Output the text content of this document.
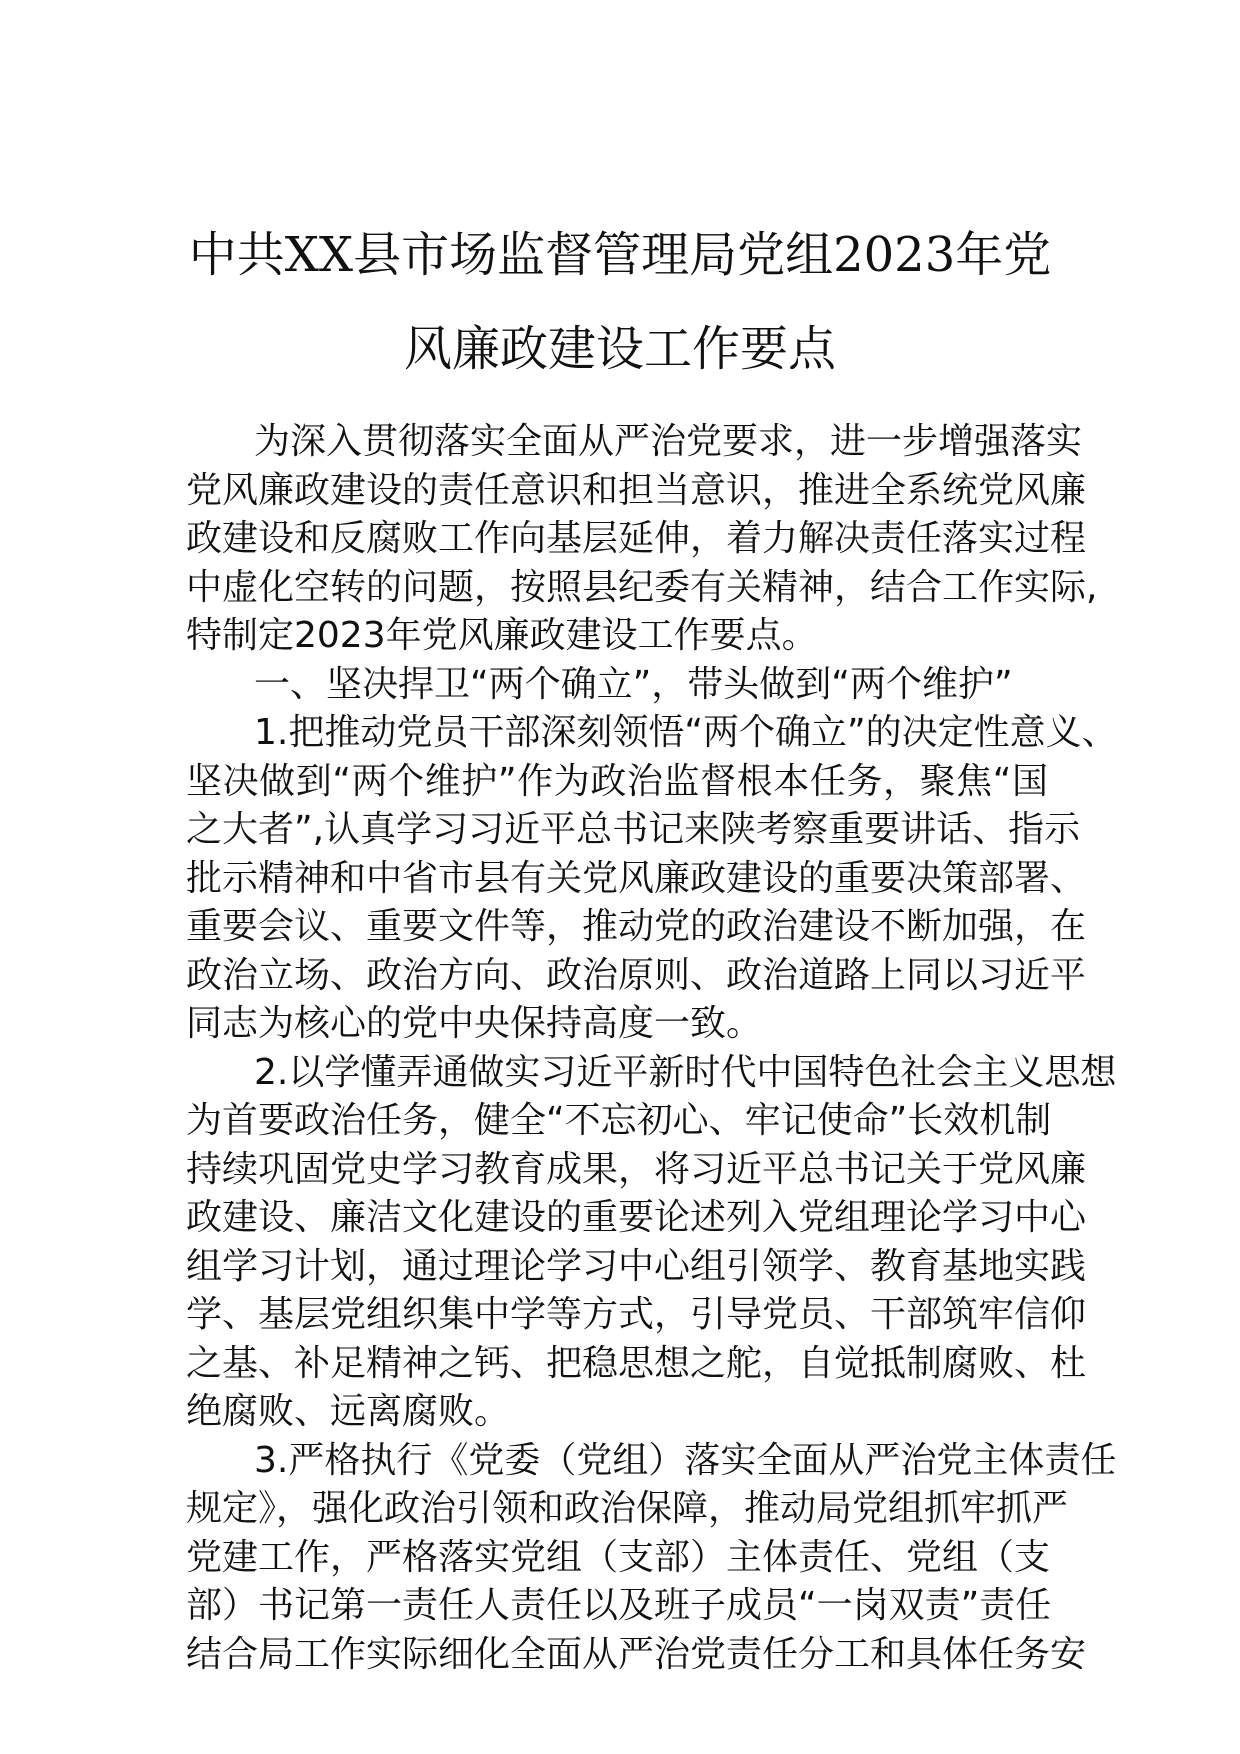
中共XX县市场监督管理局党组2023年党
风廉政建设工作要点
为深入贯彻落实全面从严治党要求，进一步增强落实
党风廉政建设的责任意识和担当意识，推进全系统党风廉
政建设和反腐败工作向基层延伸，着力解决责任落实过程
中虚化空转的问题，按照县纪委有关精神，结合工作实际,
特制定2023年党风廉政建设工作要点。
一、坚决捍卫“两个确立”，带头做到“两个维护”
1.把推动党员干部深刻领悟“两个确立”的决定性意义、
坚决做到“两个维护”作为政治监督根本任务，聚焦“国
之大者”,认真学习习近平总书记来陕考察重要讲话、指示
批示精神和中省市县有关党风廉政建设的重要决策部署、
重要会议、重要文件等，推动党的政治建设不断加强，在
政治立场、政治方向、政治原则、政治道路上同以习近平
同志为核心的党中央保持高度一致。
2.以学懂弄通做实习近平新时代中国特色社会主义思想
为首要政治任务，健全“不忘初心、牢记使命”长效机制
持续巩固党史学习教育成果，将习近平总书记关于党风廉
政建设、廉洁文化建设的重要论述列入党组理论学习中心
组学习计划，通过理论学习中心组引领学、教育基地实践
学、基层党组织集中学等方式，引导党员、干部筑牢信仰
之基、补足精神之钙、把稳思想之舵，自觉抵制腐败、杜
绝腐败、远离腐败。
3.严格执行《党委（党组）落实全面从严治党主体责任
规定》，强化政治引领和政治保障，推动局党组抓牢抓严
党建工作，严格落实党组（支部）主体责任、党组（支
部）书记第一责任人责任以及班子成员“一岗双责”责任
结合局工作实际细化全面从严治党责任分工和具体任务安
